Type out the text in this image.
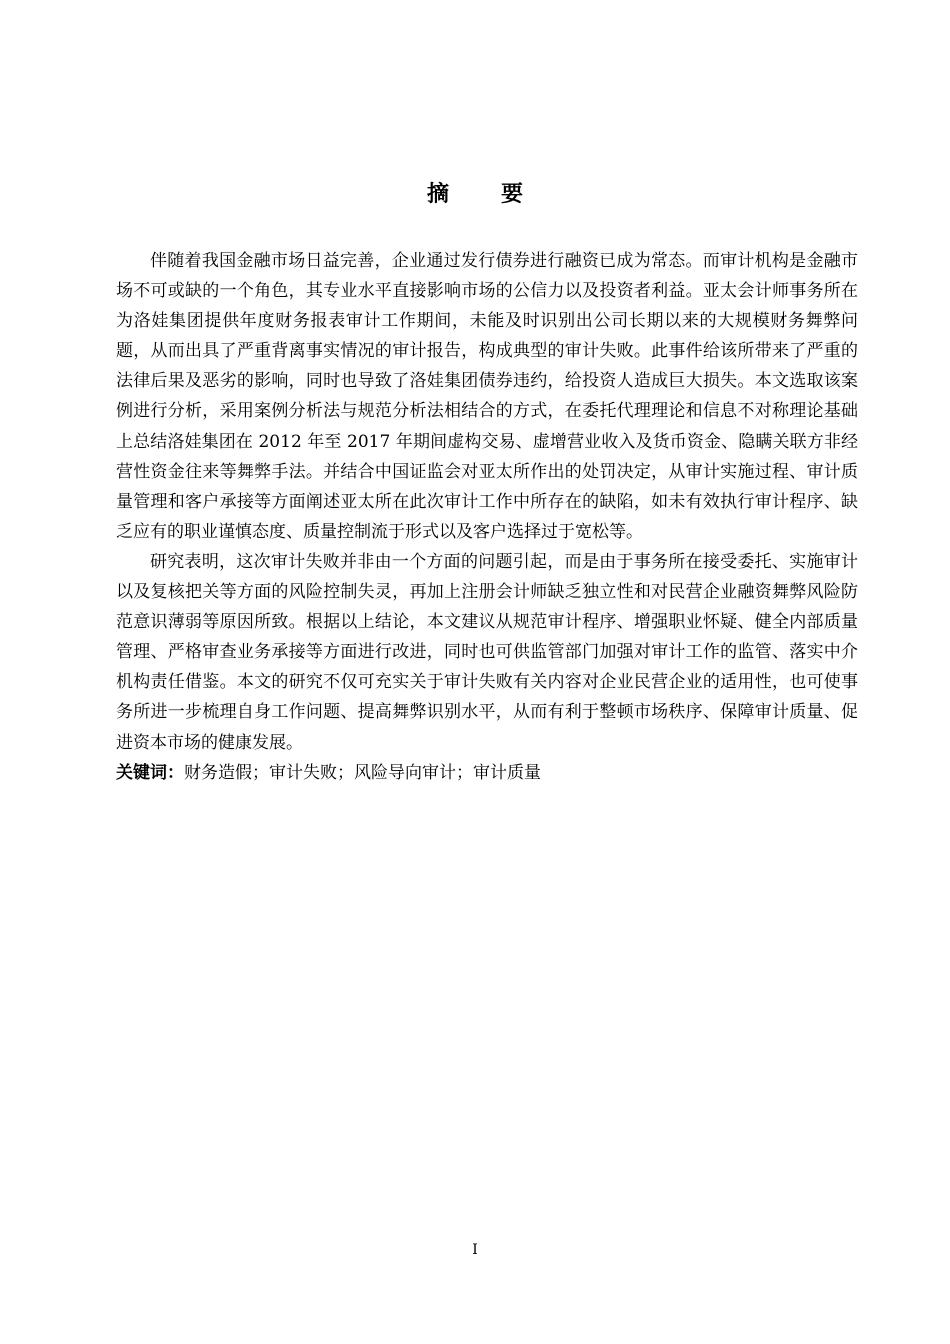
摘 要

伴随着我国金融市场日益完善，企业通过发行债券进行融资已成为常态。而审计机构是金融市场不可或缺的一个角色，其专业水平直接影响市场的公信力以及投资者利益。亚太会计师事务所在为洛娃集团提供年度财务报表审计工作期间，未能及时识别出公司长期以来的大规模财务舞弊问题，从而出具了严重背离事实情况的审计报告，构成典型的审计失败。此事件给该所带来了严重的法律后果及恶劣的影响，同时也导致了洛娃集团债券违约，给投资人造成巨大损失。本文选取该案例进行分析，采用案例分析法与规范分析法相结合的方式，在委托代理理论和信息不对称理论基础上总结洛娃集团在 2012 年至 2017 年期间虚构交易、虚增营业收入及货币资金、隐瞒关联方非经营性资金往来等舞弊手法。并结合中国证监会对亚太所作出的处罚决定，从审计实施过程、审计质量管理和客户承接等方面阐述亚太所在此次审计工作中所存在的缺陷，如未有效执行审计程序、缺乏应有的职业谨慎态度、质量控制流于形式以及客户选择过于宽松等。

研究表明，这次审计失败并非由一个方面的问题引起，而是由于事务所在接受委托、实施审计以及复核把关等方面的风险控制失灵，再加上注册会计师缺乏独立性和对民营企业融资舞弊风险防范意识薄弱等原因所致。根据以上结论，本文建议从规范审计程序、增强职业怀疑、健全内部质量管理、严格审查业务承接等方面进行改进，同时也可供监管部门加强对审计工作的监管、落实中介机构责任借鉴。本文的研究不仅可充实关于审计失败有关内容对企业民营企业的适用性，也可使事务所进一步梳理自身工作问题、提高舞弊识别水平，从而有利于整顿市场秩序、保障审计质量、促进资本市场的健康发展。

关键词：财务造假；审计失败；风险导向审计；审计质量

I
